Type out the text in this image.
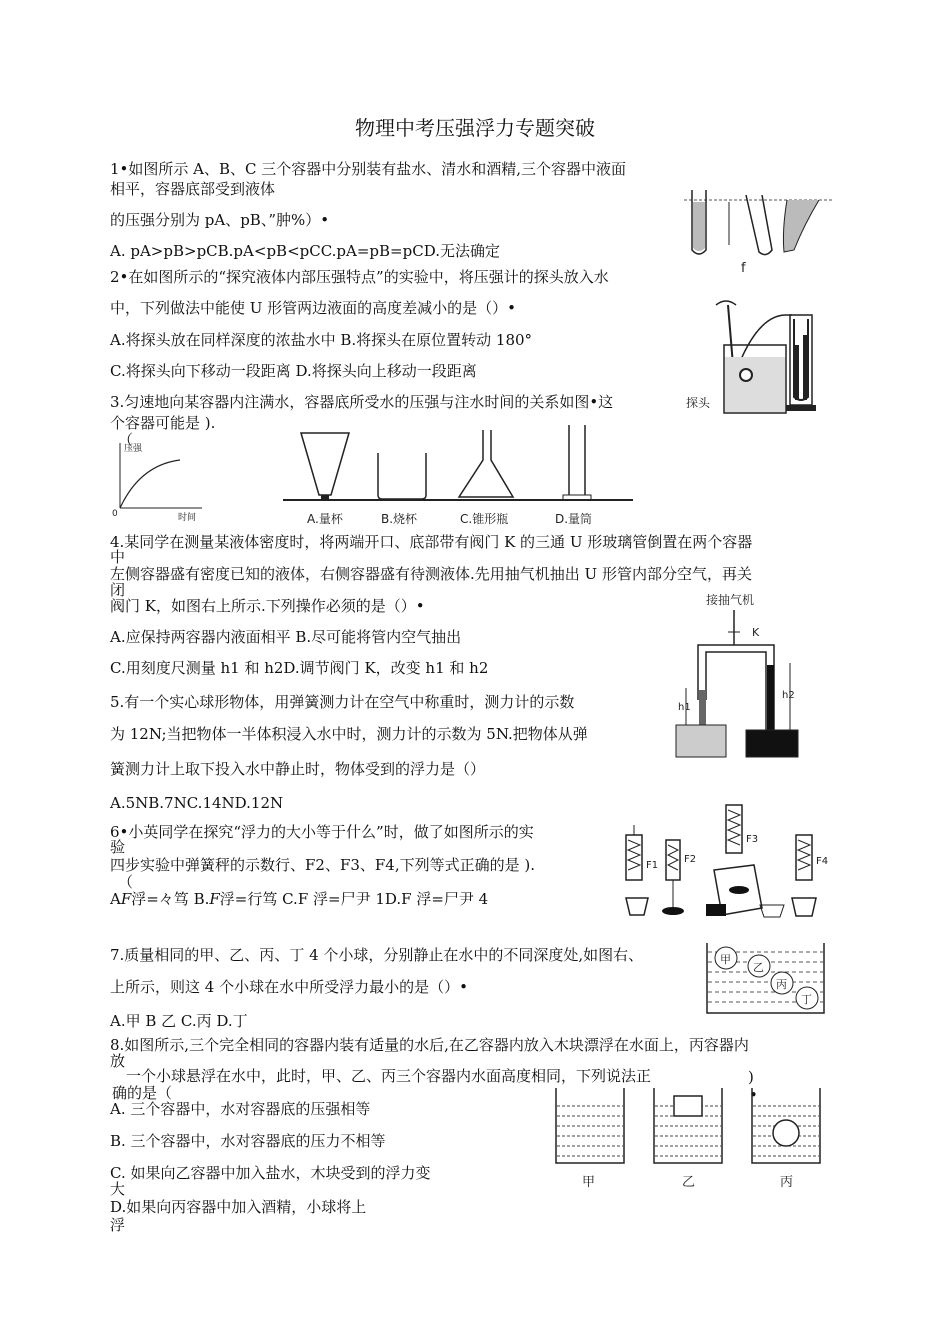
物理中考压强浮力专题突破
1•如图所示 A、B、C 三个容器中分别装有盐水、清水和酒精,三个容器中液面
相平，容器底部受到液体
的压强分别为 pA、pB、”肿%）•
A. pA>pB>pCB.pA<pB<pCC.pA=pB=pCD.无法确定
f
2•在如图所示的“探究液体内部压强特点”的实验中，将压强计的探头放入水
中，下列做法中能使 U 形管两边液面的高度差减小的是（）•
A.将探头放在同样深度的浓盐水中 B.将探头在原位置转动 180°
C.将探头向下移动一段距离 D.将探头向上移动一段距离
探头
3.匀速地向某容器内注满水，容器底所受水的压强与注水时间的关系如图•这
个容器可能是 ).
（
压强
时间
0	A.量杯	B.烧杯	C.锥形瓶	D.量筒
4.某同学在测量某液体密度时，将两端开口、底部带有阀门 K 的三通 U 形玻璃管倒置在两个容器
中
左侧容器盛有密度已知的液体，右侧容器盛有待测液体.先用抽气机抽出 U 形管内部分空气，再关
闭
阀门 K，如图右上所示.下列操作必须的是（）•
A.应保持两容器内液面相平 B.尽可能将管内空气抽出
C.用刻度尺测量 h1 和 h2D.调节阀门 K，改变 h1 和 h2
接抽气机
K
h1
h2
5.有一个实心球形物体，用弹簧测力计在空气中称重时，测力计的示数
为 12N;当把物体一半体积浸入水中时，测力计的示数为 5N.把物体从弹
簧测力计上取下投入水中静止时，物体受到的浮力是（）
A.5NB.7NC.14ND.12N
6•小英同学在探究“浮力的大小等于什么”时，做了如图所示的实
验
四步实验中弹簧秤的示数行、F2、F3、F4,下列等式正确的是 ).
（
A𝐹浮=々笃 B.𝐹浮=行笃 C.F 浮=尸尹 1D.F 浮=尸尹 4
F1
F2
F3
F4
7.质量相同的甲、乙、丙、丁 4 个小球，分别静止在水中的不同深度处,如图右、
上所示，则这 4 个小球在水中所受浮力最小的是（）•
A.甲 B 乙 C.丙 D.丁
甲
乙
丙
丁
8.如图所示,三个完全相同的容器内装有适量的水后,在乙容器内放入木块漂浮在水面上，丙容器内
放
一个小球悬浮在水中，此时，甲、乙、丙三个容器内水面高度相同，下列说法正
确的是（
)
•
A. 三个容器中，水对容器底的压强相等
B. 三个容器中，水对容器底的压力不相等
C. 如果向乙容器中加入盐水，木块受到的浮力变
大
D.如果向丙容器中加入酒精，小球将上
浮
甲	乙	丙
